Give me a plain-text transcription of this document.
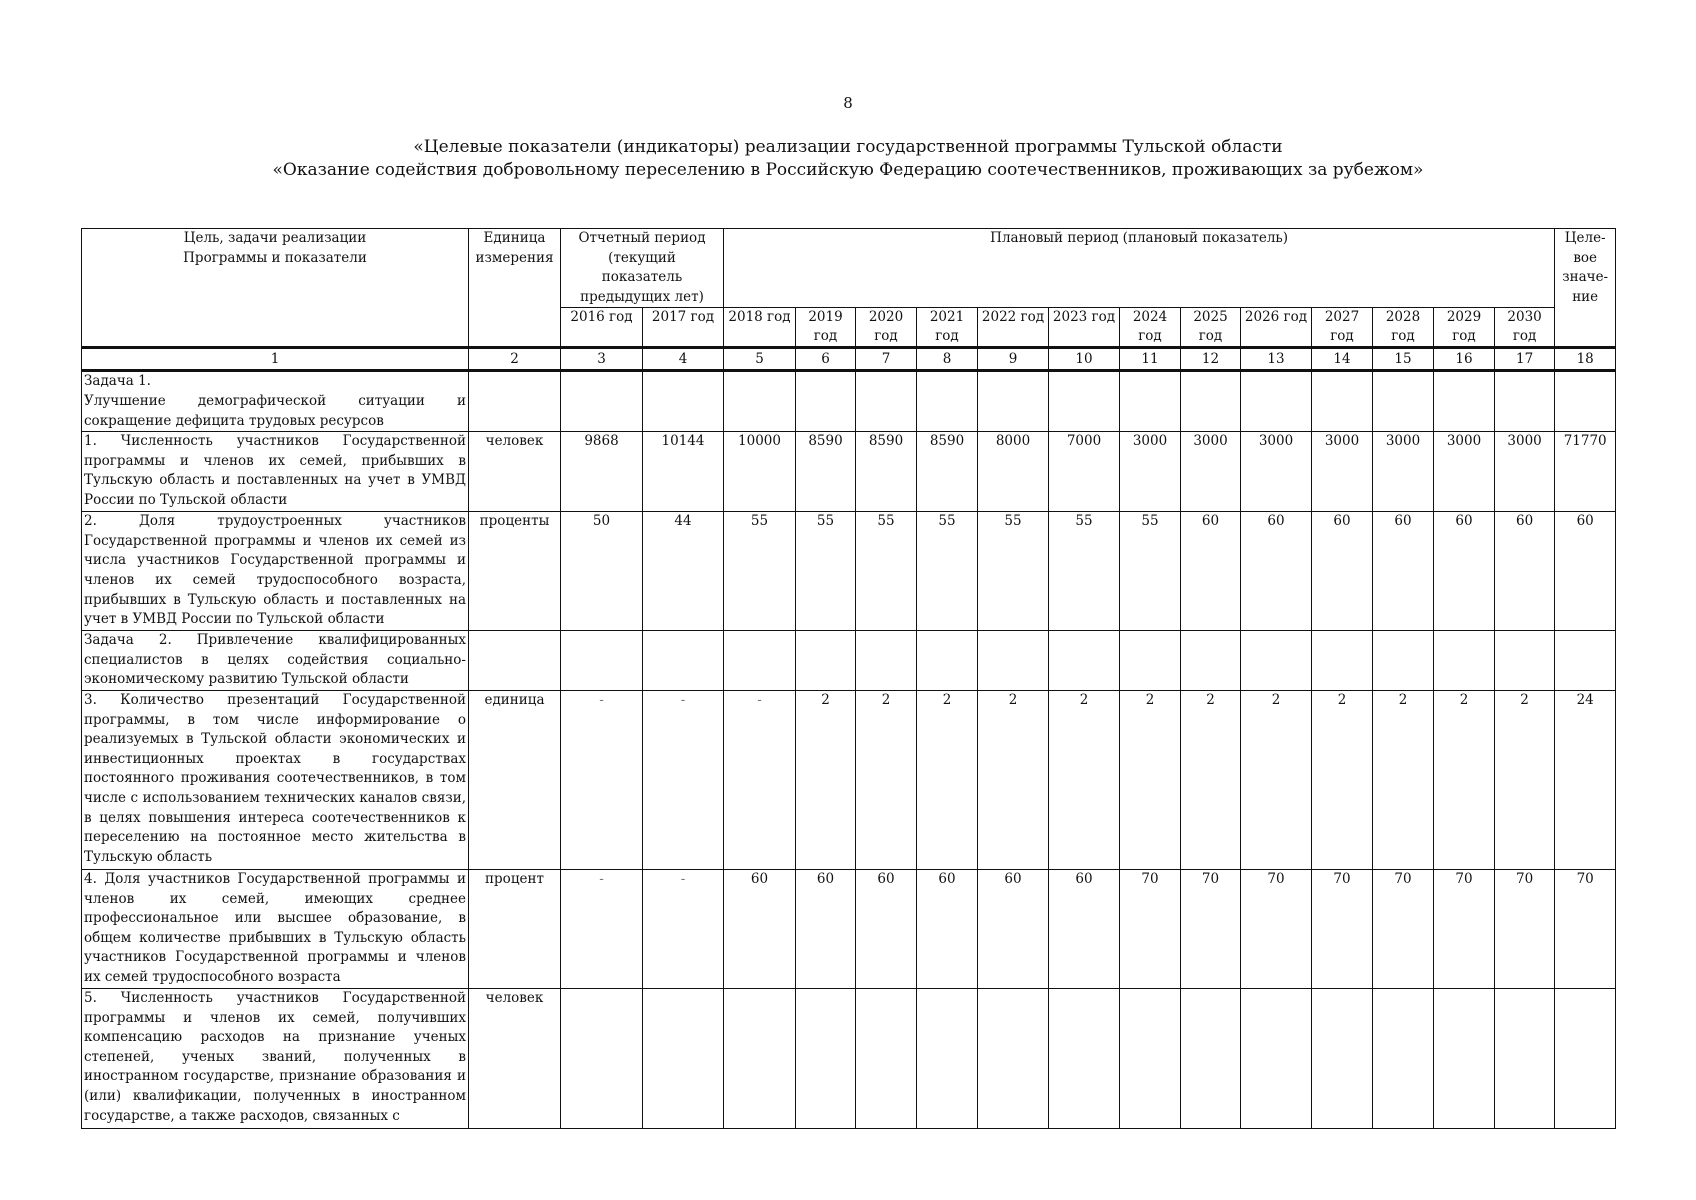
8
«Целевые показатели (индикаторы) реализации государственной программы Тульской области
«Оказание содействия добровольному переселению в Российскую Федерацию соотечественников, проживающих за рубежом»
Цель, задачи реализации Программы и показатели	Единица измерения	Отчетный период (текущий показатель предыдущих лет)		Плановый период (плановый показатель)													Целе-вое значе-ние
		2016 год	2017 год	2018 год	2019 год	2020 год	2021 год	2022 год	2023 год	2024 год	2025 год	2026 год	2027 год	2028 год	2029 год	2030 год	
1	2	3	4	5	6	7	8	9	10	11	12	13	14	15	16	17	18
Задача 1.
Улучшение демографической ситуации и сокращение дефицита трудовых ресурсов																	
1. Численность участников Государственной программы и членов их семей, прибывших в Тульскую область и поставленных на учет в УМВД России по Тульской области	человек	9868	10144	10000	8590	8590	8590	8000	7000	3000	3000	3000	3000	3000	3000	3000	71770
2. Доля трудоустроенных участников Государственной программы и членов их семей из числа участников Государственной программы и членов их семей трудоспособного возраста, прибывших в Тульскую область и поставленных на учет в УМВД России по Тульской области	проценты	50	44	55	55	55	55	55	55	55	60	60	60	60	60	60	60
Задача 2. Привлечение квалифицированных специалистов в целях содействия социально-экономическому развитию Тульской области																	
3. Количество презентаций Государственной программы, в том числе информирование о реализуемых в Тульской области экономических и инвестиционных проектах в государствах постоянного проживания соотечественников, в том числе с использованием технических каналов связи, в целях повышения интереса соотечественников к переселению на постоянное место жительства в Тульскую область	единица	-	-	-	2	2	2	2	2	2	2	2	2	2	2	2	24
4. Доля участников Государственной программы и членов их семей, имеющих среднее профессиональное или высшее образование, в общем количестве прибывших в Тульскую область участников Государственной программы и членов их семей трудоспособного возраста	процент	-	-	60	60	60	60	60	60	70	70	70	70	70	70	70	70
5. Численность участников Государственной программы и членов их семей, получивших компенсацию расходов на признание ученых степеней, ученых званий, полученных в иностранном государстве, признание образования и (или) квалификации, полученных в иностранном государстве, а также расходов, связанных с	человек																
